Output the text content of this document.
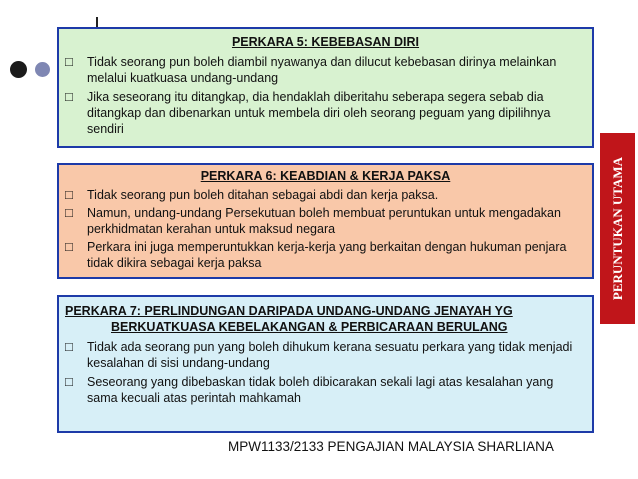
PERKARA 5: KEBEBASAN DIRI
□ Tidak seorang pun boleh diambil nyawanya dan dilucut kebebasan dirinya melainkan melalui kuatkuasa undang-undang
□ Jika seseorang itu ditangkap, dia hendaklah diberitahu seberapa segera sebab dia ditangkap dan dibenarkan untuk membela diri oleh seorang peguam yang dipilihnya sendiri
PERKARA 6: KEABDIAN & KERJA PAKSA
□ Tidak seorang pun boleh ditahan sebagai abdi dan kerja paksa.
□ Namun, undang-undang Persekutuan boleh membuat peruntukan untuk mengadakan perkhidmatan kerahan untuk maksud negara
□ Perkara ini juga memperuntukkan kerja-kerja yang berkaitan dengan hukuman penjara tidak dikira sebagai kerja paksa
PERKARA 7: PERLINDUNGAN DARIPADA UNDANG-UNDANG JENAYAH YG
BERKUATKUASA KEBELAKANGAN & PERBICARAAN BERULANG
□ Tidak ada seorang pun yang boleh dihukum kerana sesuatu perkara yang tidak menjadi kesalahan di sisi undang-undang
□ Seseorang yang dibebaskan tidak boleh dibicarakan sekali lagi atas kesalahan yang sama kecuali atas perintah mahkamah
PERUNTUKAN UTAMA
MPW1133/2133 PENGAJIAN MALAYSIA SHARLIANA
